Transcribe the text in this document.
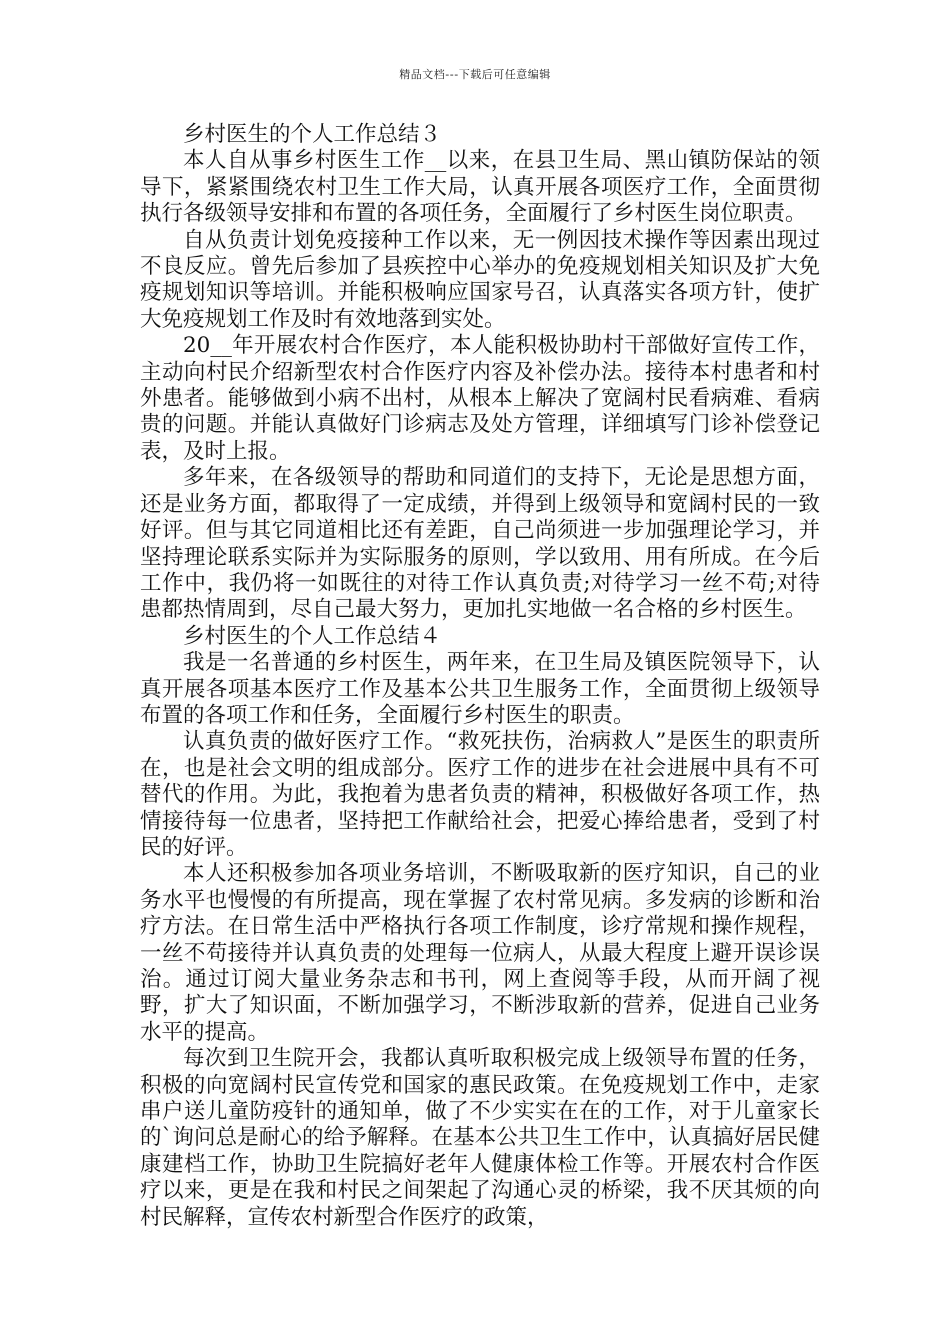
精品文档---下载后可任意编辑
乡村医生的个人工作总结３

本人自从事乡村医生工作__以来，在县卫生局、黑山镇防保站的领导下，紧紧围绕农村卫生工作大局，认真开展各项医疗工作，全面贯彻执行各级领导安排和布置的各项任务，全面履行了乡村医生岗位职责。

自从负责计划免疫接种工作以来，无一例因技术操作等因素出现过不良反应。曾先后参加了县疾控中心举办的免疫规划相关知识及扩大免疫规划知识等培训。并能积极响应国家号召，认真落实各项方针，使扩大免疫规划工作及时有效地落到实处。

20__年开展农村合作医疗，本人能积极协助村干部做好宣传工作，主动向村民介绍新型农村合作医疗内容及补偿办法。接待本村患者和村外患者。能够做到小病不出村，从根本上解决了宽阔村民看病难、看病贵的问题。并能认真做好门诊病志及处方管理，详细填写门诊补偿登记表，及时上报。

多年来，在各级领导的帮助和同道们的支持下，无论是思想方面，还是业务方面，都取得了一定成绩，并得到上级领导和宽阔村民的一致好评。但与其它同道相比还有差距，自己尚须进一步加强理论学习，并坚持理论联系实际并为实际服务的原则，学以致用、用有所成。在今后工作中，我仍将一如既往的对待工作认真负责;对待学习一丝不苟;对待患都热情周到，尽自己最大努力，更加扎实地做一名合格的乡村医生。

乡村医生的个人工作总结４

我是一名普通的乡村医生，两年来，在卫生局及镇医院领导下，认真开展各项基本医疗工作及基本公共卫生服务工作，全面贯彻上级领导布置的各项工作和任务，全面履行乡村医生的职责。

认真负责的做好医疗工作。“救死扶伤，治病救人”是医生的职责所在，也是社会文明的组成部分。医疗工作的进步在社会进展中具有不可替代的作用。为此，我抱着为患者负责的精神，积极做好各项工作，热情接待每一位患者，坚持把工作献给社会，把爱心捧给患者，受到了村民的好评。

本人还积极参加各项业务培训，不断吸取新的医疗知识，自己的业务水平也慢慢的有所提高，现在掌握了农村常见病。多发病的诊断和治疗方法。在日常生活中严格执行各项工作制度，诊疗常规和操作规程，一丝不苟接待并认真负责的处理每一位病人，从最大程度上避开误诊误治。通过订阅大量业务杂志和书刊，网上查阅等手段，从而开阔了视野，扩大了知识面，不断加强学习，不断涉取新的营养，促进自己业务水平的提高。

每次到卫生院开会，我都认真听取积极完成上级领导布置的任务，积极的向宽阔村民宣传党和国家的惠民政策。在免疫规划工作中，走家串户送儿童防疫针的通知单，做了不少实实在在的工作，对于儿童家长的`询问总是耐心的给予解释。在基本公共卫生工作中，认真搞好居民健康建档工作，协助卫生院搞好老年人健康体检工作等。开展农村合作医疗以来，更是在我和村民之间架起了沟通心灵的桥梁，我不厌其烦的向村民解释，宣传农村新型合作医疗的政策，
